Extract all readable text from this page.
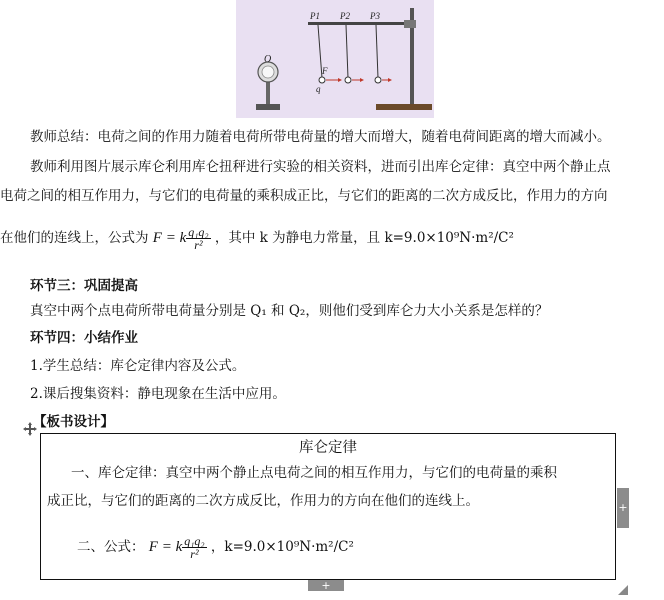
O
P1 P2 P3
F
q
教师总结：电荷之间的作用力随着电荷所带电荷量的增大而增大，随着电荷间距离的增大而减小。
教师利用图片展示库仑利用库仑扭秤进行实验的相关资料，进而引出库仑定律：真空中两个静止点
电荷之间的相互作用力，与它们的电荷量的乘积成正比，与它们的距离的二次方成反比，作用力的方向
在他们的连线上，公式为 F = k $\frac{\text{q₁q₂}}{\text{r²}}$ ，其中 k 为静电力常量，且 k=9.0×10⁹N·m²/C²
环节三：巩固提高
真空中两个点电荷所带电荷量分别是 Q₁ 和 Q₂，则他们受到库仑力大小关系是怎样的？
环节四：小结作业
1.学生总结：库仑定律内容及公式。
2.课后搜集资料：静电现象在生活中应用。
【板书设计】
库仑定律
一、库仑定律：真空中两个静止点电荷之间的相互作用力，与它们的电荷量的乘积
成正比，与它们的距离的二次方成反比，作用力的方向在他们的连线上。
二、公式： F = k $\frac{\text{q₁q₂}}{\text{r²}}$ ，k=9.0×10⁹N·m²/C²
+
+
